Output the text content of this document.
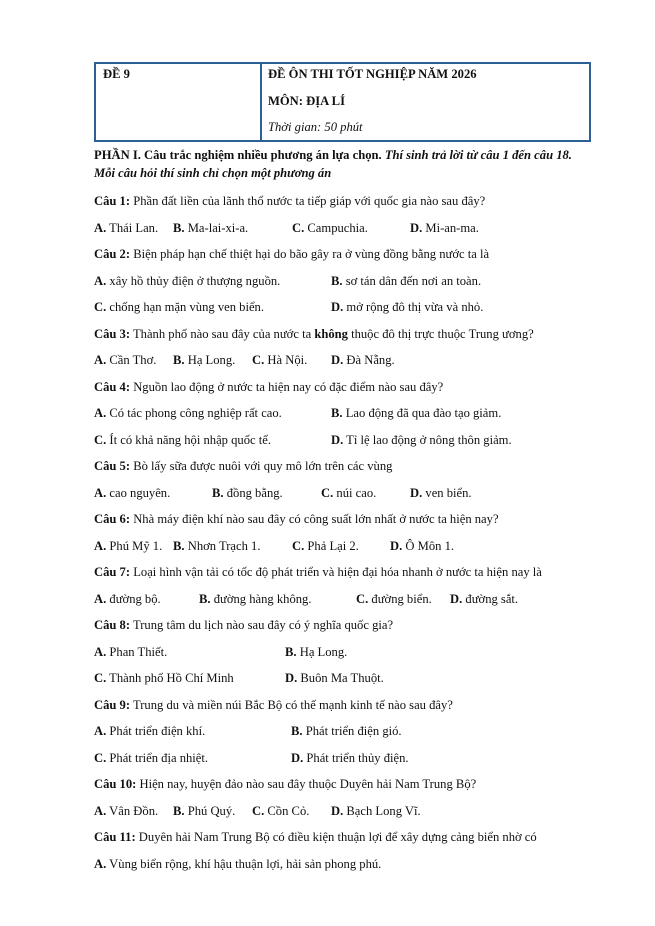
ĐỀ 9	ĐỀ ÔN THI TỐT NGHIỆP NĂM 2026
MÔN: ĐỊA LÍ
Thời gian: 50 phút
PHẦN I. Câu trắc nghiệm nhiều phương án lựa chọn. Thí sinh trả lời từ câu 1 đến câu 18. Mỗi câu hỏi thí sinh chỉ chọn một phương án
Câu 1: Phần đất liền của lãnh thổ nước ta tiếp giáp với quốc gia nào sau đây?
A. Thái Lan. B. Ma-lai-xi-a.	C. Campuchia.	D. Mi-an-ma.
Câu 2: Biện pháp hạn chế thiệt hại do bão gây ra ở vùng đồng bằng nước ta là
A. xây hồ thủy điện ở thượng nguồn.	B. sơ tán dân đến nơi an toàn.
C. chống hạn mặn vùng ven biển.	D. mở rộng đô thị vừa và nhỏ.
Câu 3: Thành phố nào sau đây của nước ta không thuộc đô thị trực thuộc Trung ương?
A. Cần Thơ. B. Hạ Long. C. Hà Nội. D. Đà Nẵng.
Câu 4: Nguồn lao động ở nước ta hiện nay có đặc điểm nào sau đây?
A. Có tác phong công nghiệp rất cao.	B. Lao động đã qua đào tạo giảm.
C. Ít có khả năng hội nhập quốc tế.	D. Tỉ lệ lao động ở nông thôn giảm.
Câu 5: Bò lấy sữa được nuôi với quy mô lớn trên các vùng
A. cao nguyên.	B. đồng bằng.	C. núi cao.	D. ven biển.
Câu 6: Nhà máy điện khí nào sau đây có công suất lớn nhất ở nước ta hiện nay?
A. Phú Mỹ 1. B. Nhơn Trạch 1. C. Phả Lại 2. D. Ô Môn 1.
Câu 7: Loại hình vận tải có tốc độ phát triển và hiện đại hóa nhanh ở nước ta hiện nay là
A. đường bộ.	B. đường hàng không.	C. đường biển. D. đường sắt.
Câu 8: Trung tâm du lịch nào sau đây có ý nghĩa quốc gia?
A. Phan Thiết.	B. Hạ Long.
C. Thành phố Hồ Chí Minh	D. Buôn Ma Thuột.
Câu 9: Trung du và miền núi Bắc Bộ có thế mạnh kinh tế nào sau đây?
A. Phát triển điện khí.	B. Phát triển điện gió.
C. Phát triển địa nhiệt.	D. Phát triển thủy điện.
Câu 10: Hiện nay, huyện đảo nào sau đây thuộc Duyên hải Nam Trung Bộ?
A. Vân Đồn. B. Phú Quý. C. Cồn Cỏ. D. Bạch Long Vĩ.
Câu 11: Duyên hải Nam Trung Bộ có điều kiện thuận lợi để xây dựng cảng biển nhờ có
A. Vùng biển rộng, khí hậu thuận lợi, hải sản phong phú.
